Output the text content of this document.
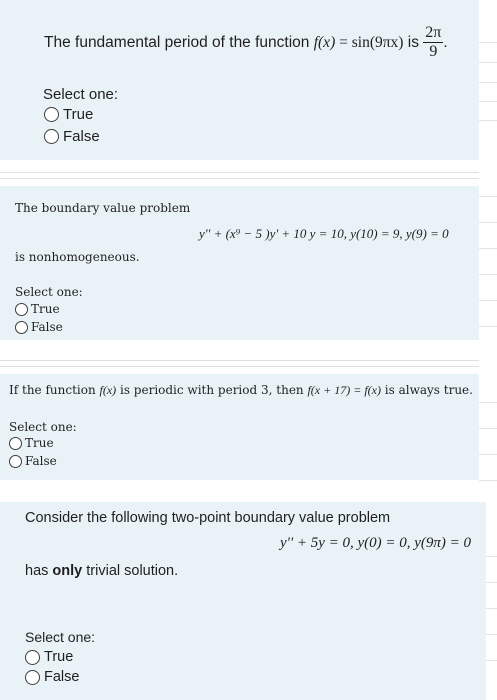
The fundamental period of the function f(x) = sin(9πx) is $\frac{2\pi}{9}$ .
Select one:
True
False
The boundary value problem
y'' + (x⁹ − 5 )y' + 10 y = 10, y(10) = 9, y(9) = 0
is nonhomogeneous.
Select one:
True
False
If the function f(x) is periodic with period 3, then f(x + 17) = f(x) is always true.
Select one:
True
False
Consider the following two-point boundary value problem
y'' + 5y = 0, y(0) = 0, y(9π) = 0
has only trivial solution.
Select one:
True
False
